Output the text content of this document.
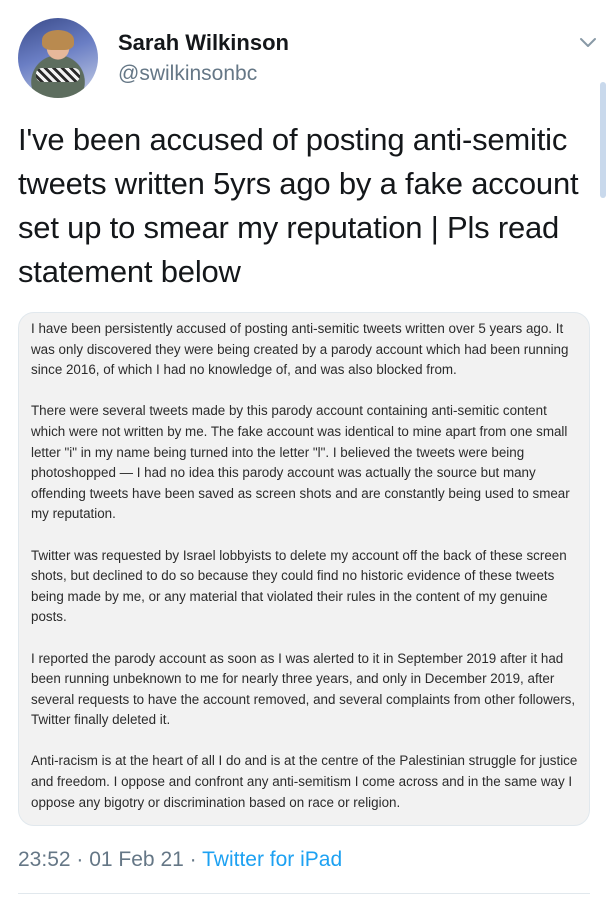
Sarah Wilkinson
@swilkinsonbc
I've been accused of posting anti-semitic tweets written 5yrs ago by a fake account set up to smear my reputation | Pls read statement below

I have been persistently accused of posting anti-semitic tweets written over 5 years ago. It was only discovered they were being created by a parody account which had been running since 2016, of which I had no knowledge of, and was also blocked from.

There were several tweets made by this parody account containing anti-semitic content which were not written by me. The fake account was identical to mine apart from one small letter "i" in my name being turned into the letter "l". I believed the tweets were being photoshopped — I had no idea this parody account was actually the source but many offending tweets have been saved as screen shots and are constantly being used to smear my reputation.

Twitter was requested by Israel lobbyists to delete my account off the back of these screen shots, but declined to do so because they could find no historic evidence of these tweets being made by me, or any material that violated their rules in the content of my genuine posts.

I reported the parody account as soon as I was alerted to it in September 2019 after it had been running unbeknown to me for nearly three years, and only in December 2019, after several requests to have the account removed, and several complaints from other followers, Twitter finally deleted it.

Anti-racism is at the heart of all I do and is at the centre of the Palestinian struggle for justice and freedom. I oppose and confront any anti-semitism I come across and in the same way I oppose any bigotry or discrimination based on race or religion.

23:52 · 01 Feb 21 · Twitter for iPad
